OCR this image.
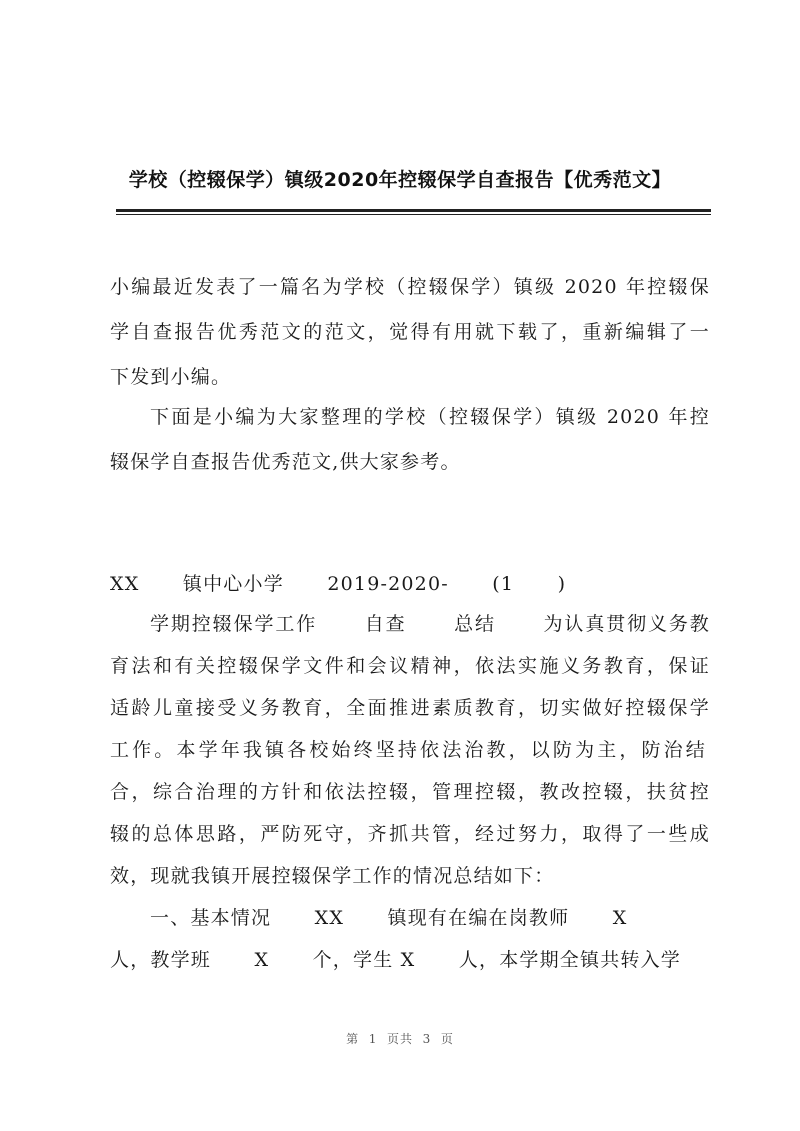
学校（控辍保学）镇级2020年控辍保学自查报告【优秀范文】
小编最近发表了一篇名为学校（控辍保学）镇级 2020 年控辍保
学自查报告优秀范文的范文，觉得有用就下载了，重新编辑了一
下发到小编。
下面是小编为大家整理的学校（控辍保学）镇级 2020 年控
辍保学自查报告优秀范文,供大家参考。
XX      镇中心小学      2019-2020-      (1      )
学期控辍保学工作      自查      总结      为认真贯彻义务教
育法和有关控辍保学文件和会议精神，依法实施义务教育，保证
适龄儿童接受义务教育，全面推进素质教育，切实做好控辍保学
工作。本学年我镇各校始终坚持依法治教，以防为主，防治结
合，综合治理的方针和依法控辍，管理控辍，教改控辍，扶贫控
辍的总体思路，严防死守，齐抓共管，经过努力，取得了一些成
效，现就我镇开展控辍保学工作的情况总结如下：
一、基本情况      XX      镇现有在编在岗教师      X
人，教学班      X      个，学生 X      人，本学期全镇共转入学
第  1  页共  3  页
